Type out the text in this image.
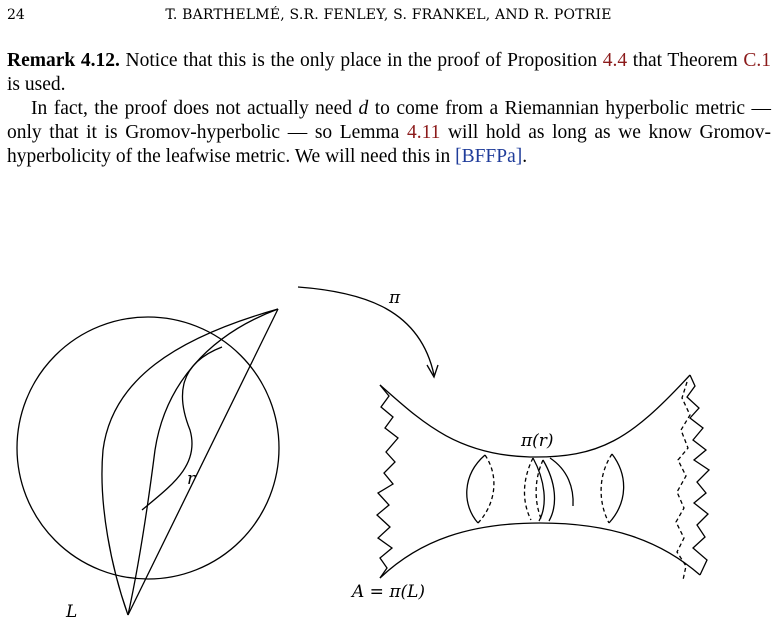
24	T. BARTHELMÉ, S.R. FENLEY, S. FRANKEL, AND R. POTRIE

Remark 4.12. Notice that this is the only place in the proof of Proposition 4.4 that Theorem C.1 is used.

In fact, the proof does not actually need d to come from a Riemannian hyperbolic metric — only that it is Gromov-hyperbolic — so Lemma 4.11 will hold as long as we know Gromov-hyperbolicity of the leafwise metric. We will need this in [BFFPa].

π
r
π(r)
A = π(L)
L
